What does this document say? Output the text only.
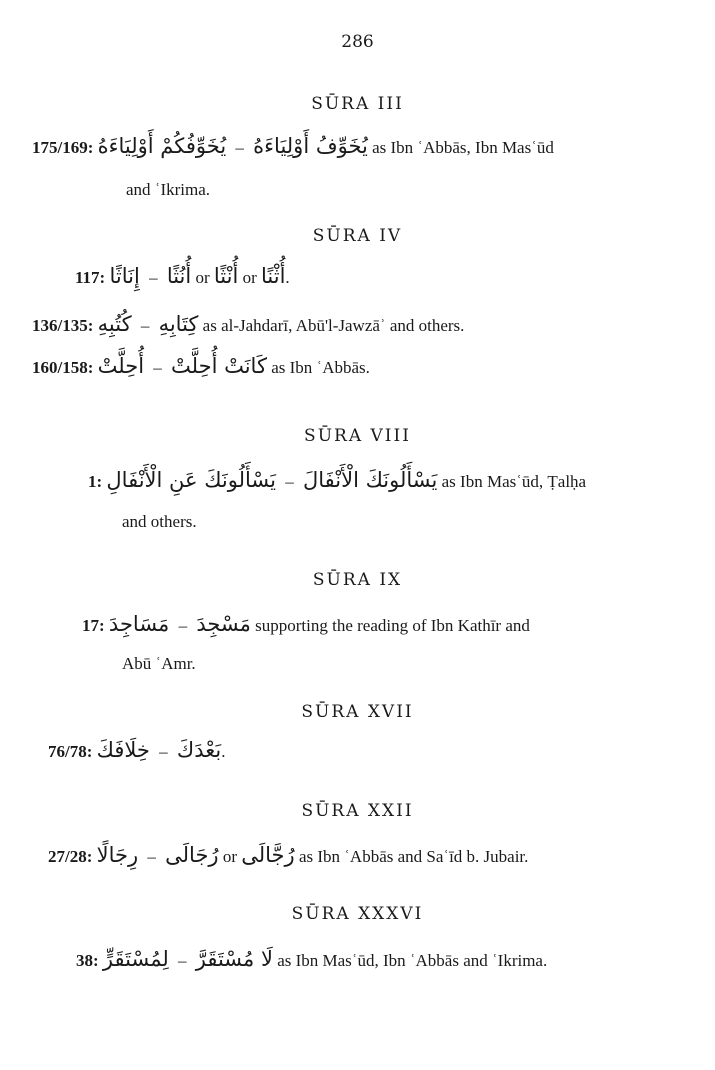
286
SŪRA III
175/169: يُخَوِّفُكُمْ أَوْلِيَاءَهُ – يُخَوِّفُ أَوْلِيَاءَهُ as Ibn ʿAbbās, Ibn Masʿūd
and ʿIkrima.
SŪRA IV
117: إِنَاثًا – أُنُثًا or أُنْثًا or أُثْنًا.
136/135: كُتُبِهِ – كِتَابِهِ as al-Jahdarī, Abū'l-Jawzāʾ and others.
160/158: أُحِلَّتْ – كَانَتْ أُحِلَّتْ as Ibn ʿAbbās.
SŪRA VIII
1: يَسْأَلُونَكَ عَنِ الْأَنْفَالِ – يَسْأَلُونَكَ الْأَنْفَالَ as Ibn Masʿūd, Ṭalḥa
and others.
SŪRA IX
17: مَسَاجِدَ – مَسْجِدَ supporting the reading of Ibn Kathīr and
Abū ʿAmr.
SŪRA XVII
76/78: خِلَافَكَ – بَعْدَكَ.
SŪRA XXII
27/28: رِجَالًا – رُجَالَى or رُجَّالَى as Ibn ʿAbbās and Saʿīd b. Jubair.
SŪRA XXXVI
38: لِمُسْتَقَرٍّ – لَا مُسْتَقَرَّ as Ibn Masʿūd, Ibn ʿAbbās and ʿIkrima.
